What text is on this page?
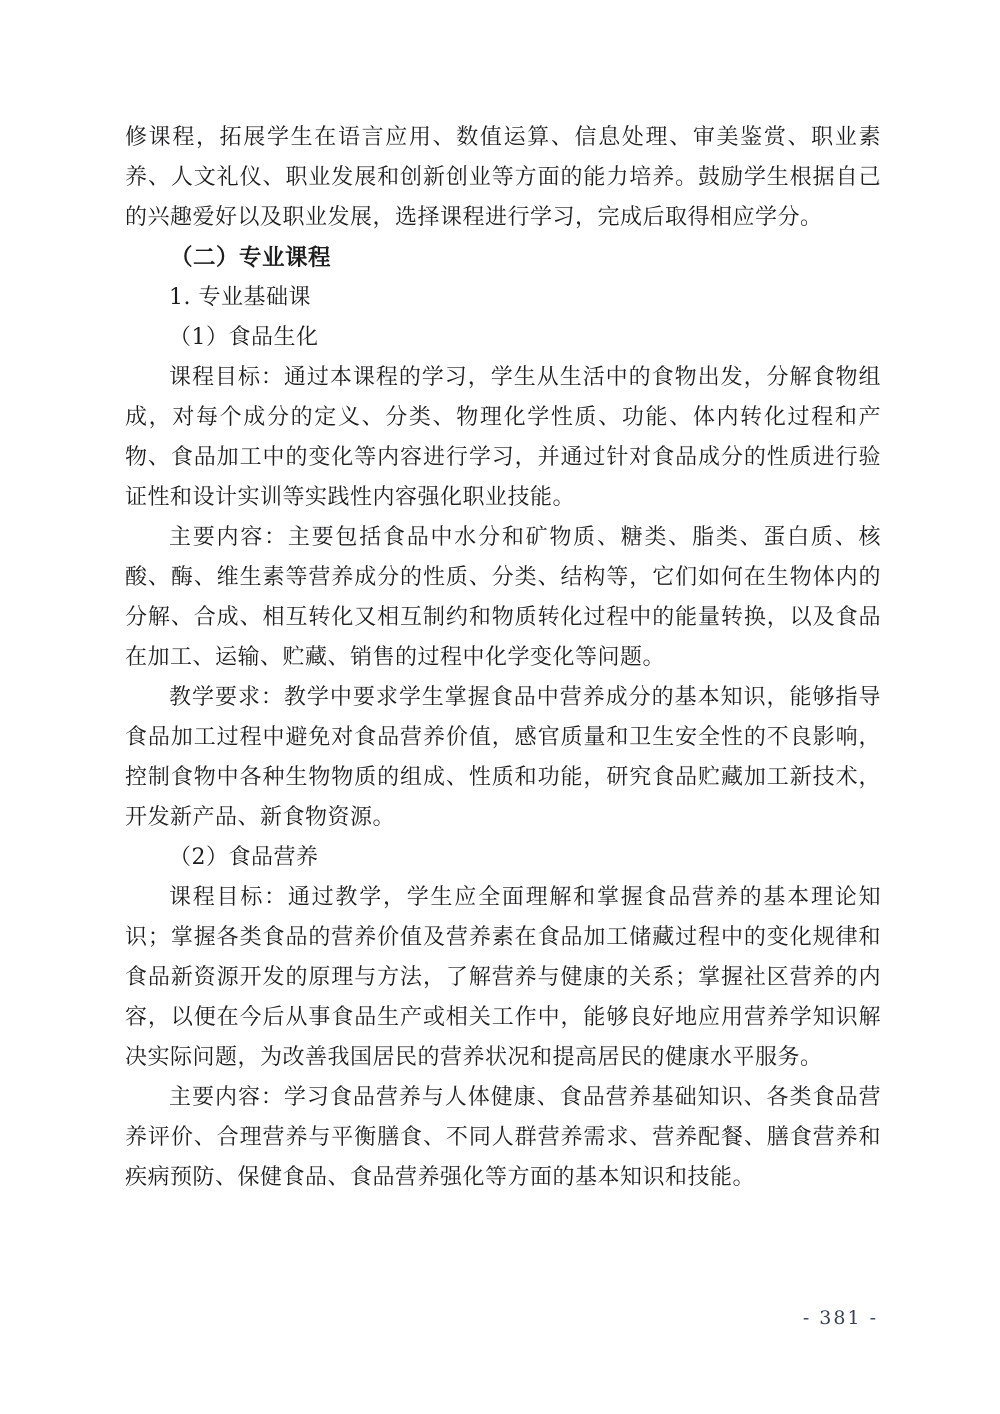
修课程，拓展学生在语言应用、数值运算、信息处理、审美鉴赏、职业素养、人文礼仪、职业发展和创新创业等方面的能力培养。鼓励学生根据自己的兴趣爱好以及职业发展，选择课程进行学习，完成后取得相应学分。

（二）专业课程

1. 专业基础课

（1）食品生化

课程目标：通过本课程的学习，学生从生活中的食物出发，分解食物组成，对每个成分的定义、分类、物理化学性质、功能、体内转化过程和产物、食品加工中的变化等内容进行学习，并通过针对食品成分的性质进行验证性和设计实训等实践性内容强化职业技能。

主要内容：主要包括食品中水分和矿物质、糖类、脂类、蛋白质、核酸、酶、维生素等营养成分的性质、分类、结构等，它们如何在生物体内的分解、合成、相互转化又相互制约和物质转化过程中的能量转换，以及食品在加工、运输、贮藏、销售的过程中化学变化等问题。

教学要求：教学中要求学生掌握食品中营养成分的基本知识，能够指导食品加工过程中避免对食品营养价值，感官质量和卫生安全性的不良影响，控制食物中各种生物物质的组成、性质和功能，研究食品贮藏加工新技术，开发新产品、新食物资源。

（2）食品营养

课程目标：通过教学，学生应全面理解和掌握食品营养的基本理论知识；掌握各类食品的营养价值及营养素在食品加工储藏过程中的变化规律和食品新资源开发的原理与方法，了解营养与健康的关系；掌握社区营养的内容，以便在今后从事食品生产或相关工作中，能够良好地应用营养学知识解决实际问题，为改善我国居民的营养状况和提高居民的健康水平服务。

主要内容：学习食品营养与人体健康、食品营养基础知识、各类食品营养评价、合理营养与平衡膳食、不同人群营养需求、营养配餐、膳食营养和疾病预防、保健食品、食品营养强化等方面的基本知识和技能。

- 381 -
